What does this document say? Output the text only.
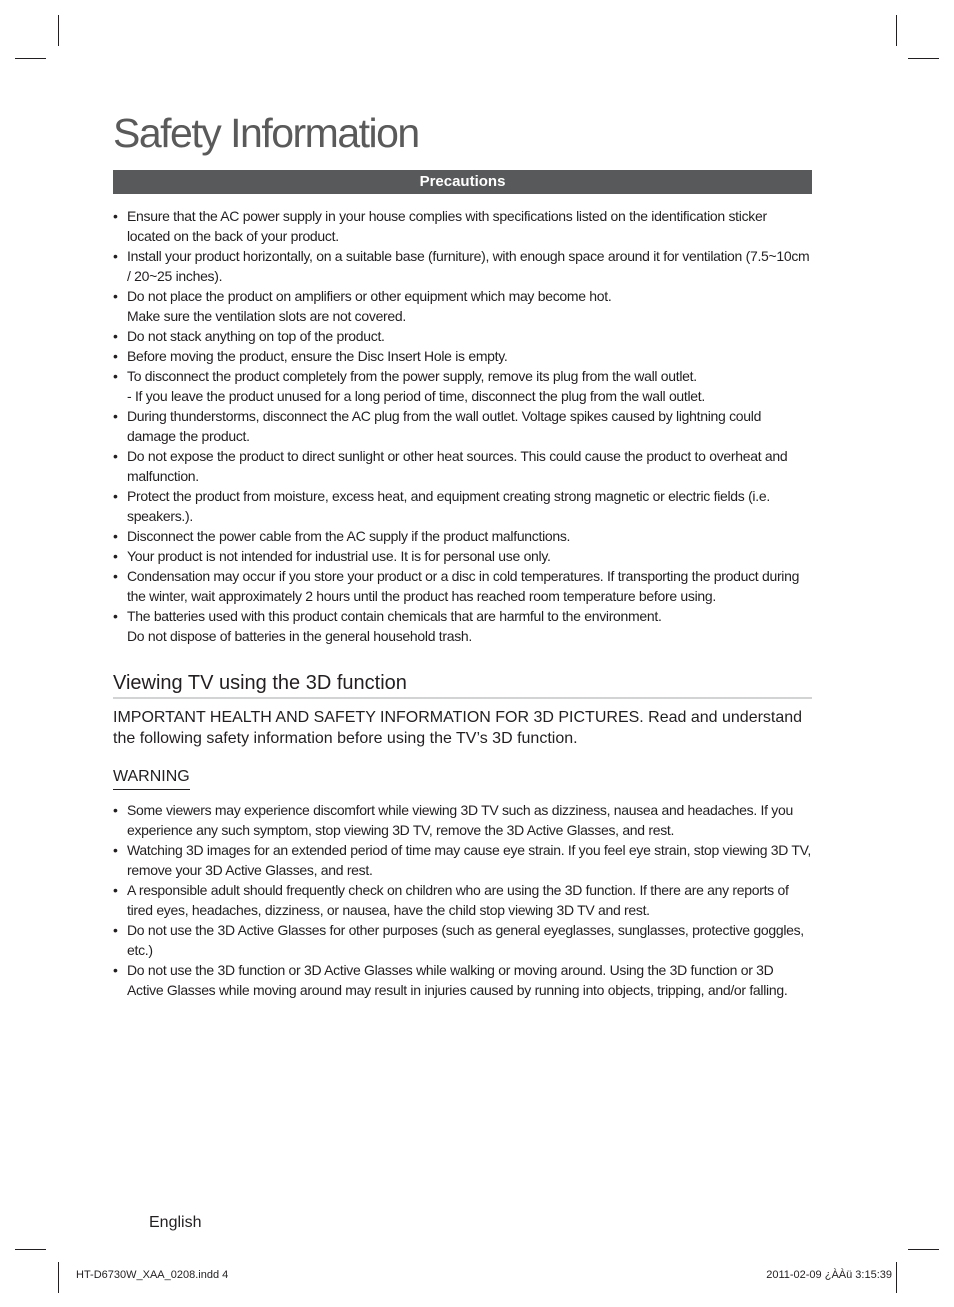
Safety Information
Precautions
• Ensure that the AC power supply in your house complies with specifications listed on the identification sticker located on the back of your product.
• Install your product horizontally, on a suitable base (furniture), with enough space around it for ventilation (7.5~10cm / 20~25 inches).
• Do not place the product on amplifiers or other equipment which may become hot.
Make sure the ventilation slots are not covered.
• Do not stack anything on top of the product.
• Before moving the product, ensure the Disc Insert Hole is empty.
• To disconnect the product completely from the power supply, remove its plug from the wall outlet.
- If you leave the product unused for a long period of time, disconnect the plug from the wall outlet.
• During thunderstorms, disconnect the AC plug from the wall outlet. Voltage spikes caused by lightning could damage the product.
• Do not expose the product to direct sunlight or other heat sources. This could cause the product to overheat and malfunction.
• Protect the product from moisture, excess heat, and equipment creating strong magnetic or electric fields (i.e. speakers.).
• Disconnect the power cable from the AC supply if the product malfunctions.
• Your product is not intended for industrial use. It is for personal use only.
• Condensation may occur if you store your product or a disc in cold temperatures. If transporting the product during the winter, wait approximately 2 hours until the product has reached room temperature before using.
• The batteries used with this product contain chemicals that are harmful to the environment.
Do not dispose of batteries in the general household trash.
Viewing TV using the 3D function
IMPORTANT HEALTH AND SAFETY INFORMATION FOR 3D PICTURES. Read and understand the following safety information before using the TV’s 3D function.
WARNING
• Some viewers may experience discomfort while viewing 3D TV such as dizziness, nausea and headaches. If you experience any such symptom, stop viewing 3D TV, remove the 3D Active Glasses, and rest.
• Watching 3D images for an extended period of time may cause eye strain. If you feel eye strain, stop viewing 3D TV, remove your 3D Active Glasses, and rest.
• A responsible adult should frequently check on children who are using the 3D function. If there are any reports of tired eyes, headaches, dizziness, or nausea, have the child stop viewing 3D TV and rest.
• Do not use the 3D Active Glasses for other purposes (such as general eyeglasses, sunglasses, protective goggles, etc.)
• Do not use the 3D function or 3D Active Glasses while walking or moving around. Using the 3D function or 3D Active Glasses while moving around may result in injuries caused by running into objects, tripping, and/or falling.
English
HT-D6730W_XAA_0208.indd 4	2011-02-09 ¿ÀÀü 3:15:39
